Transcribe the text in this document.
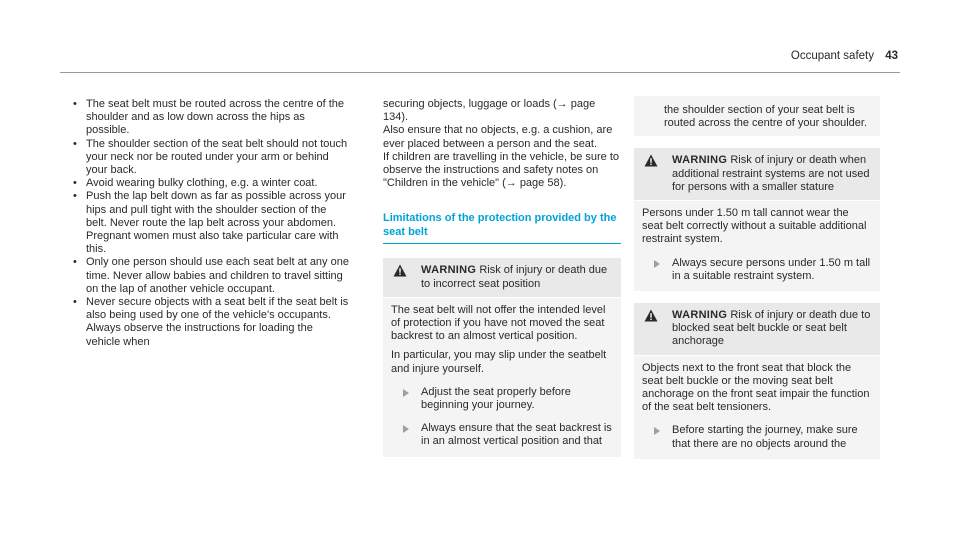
Occupant safety 43
• The seat belt must be routed across the centre of the shoulder and as low down across the hips as possible.
• The shoulder section of the seat belt should not touch your neck nor be routed under your arm or behind your back.
• Avoid wearing bulky clothing, e.g. a winter coat.
• Push the lap belt down as far as possible across your hips and pull tight with the shoulder section of the belt. Never route the lap belt across your abdomen.

Pregnant women must also take particular care with this.

• Only one person should use each seat belt at any one time. Never allow babies and children to travel sitting on the lap of another vehicle occupant.
• Never secure objects with a seat belt if the seat belt is also being used by one of the vehicle's occupants. Always observe the instructions for loading the vehicle when

securing objects, luggage or loads (→ page 134).

Also ensure that no objects, e.g. a cushion, are ever placed between a person and the seat.

If children are travelling in the vehicle, be sure to observe the instructions and safety notes on "Children in the vehicle" (→ page 58).

Limitations of the protection provided by the seat belt
WARNING Risk of injury or death due to incorrect seat position

The seat belt will not offer the intended level of protection if you have not moved the seat backrest to an almost vertical position.

In particular, you may slip under the seatbelt and injure yourself.

Adjust the seat properly before beginning your journey.
Always ensure that the seat backrest is in an almost vertical position and that
the shoulder section of your seat belt is routed across the centre of your shoulder.
WARNING Risk of injury or death when additional restraint systems are not used for persons with a smaller stature

Persons under 1.50 m tall cannot wear the seat belt correctly without a suitable additional restraint system.

Always secure persons under 1.50 m tall in a suitable restraint system.
WARNING Risk of injury or death due to blocked seat belt buckle or seat belt anchorage

Objects next to the front seat that block the seat belt buckle or the moving seat belt anchorage on the front seat impair the function of the seat belt tensioners.

Before starting the journey, make sure that there are no objects around the
